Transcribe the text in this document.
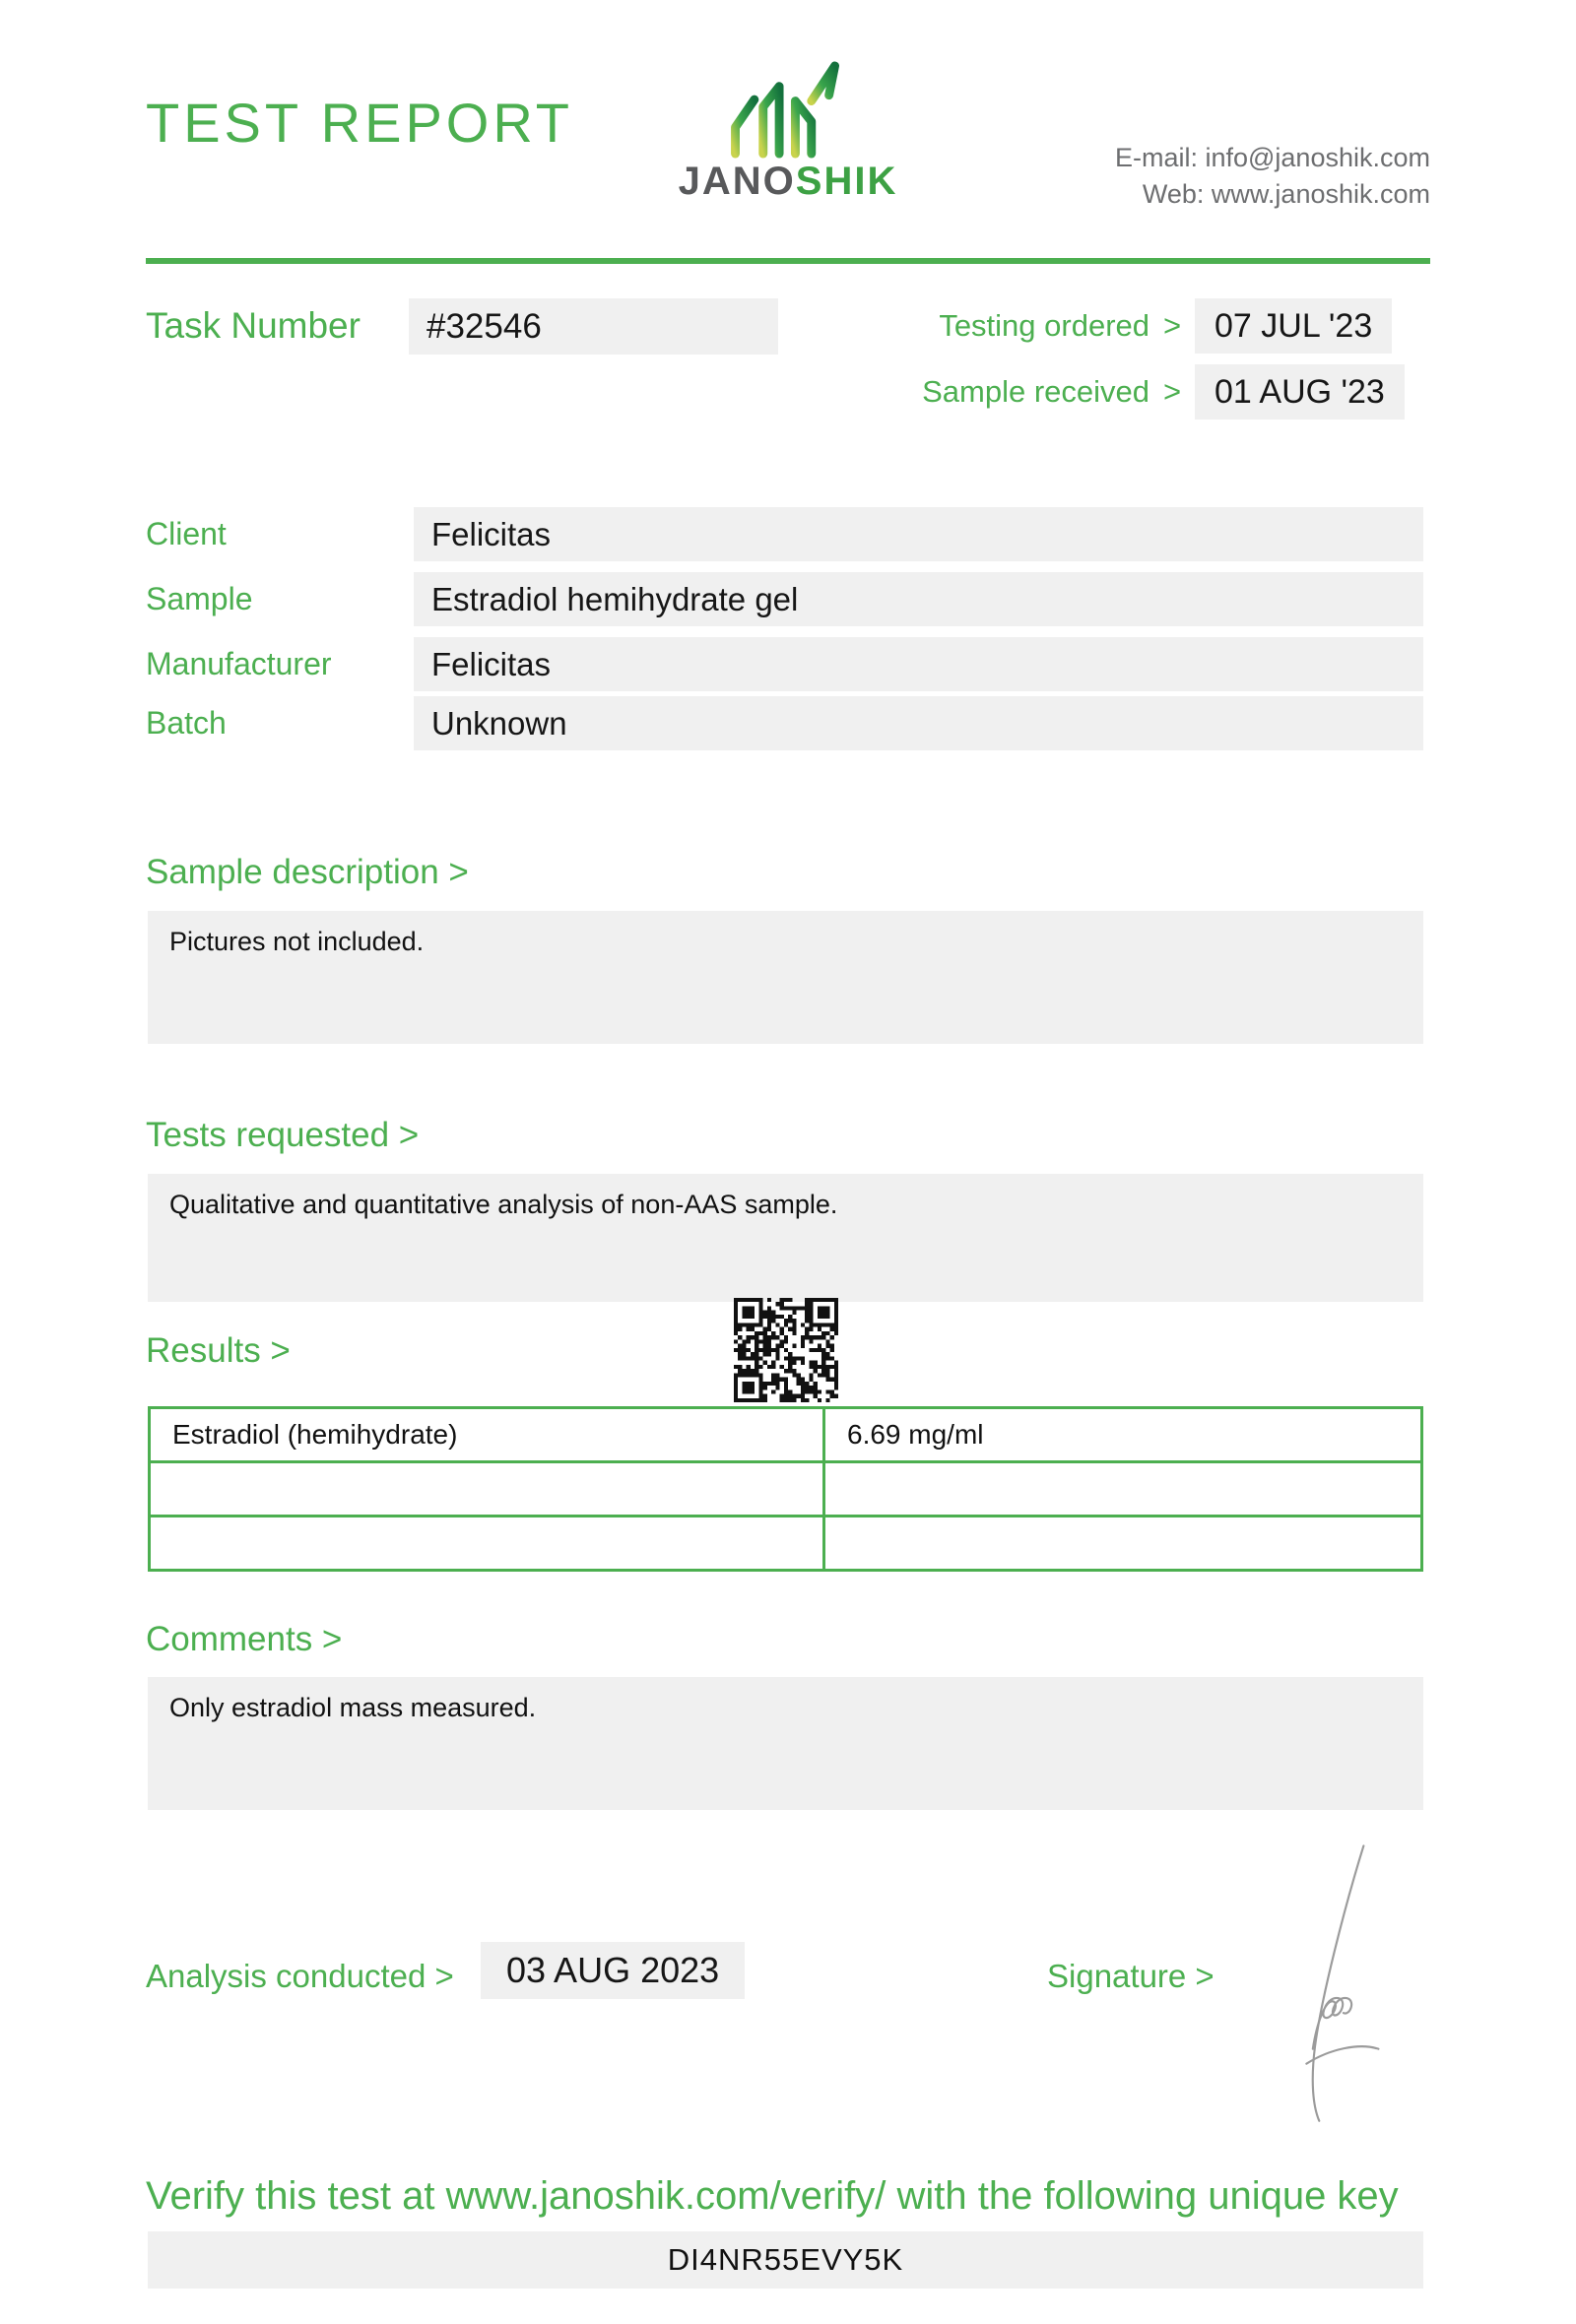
TEST REPORT
JANOSHIK
E-mail: info@janoshik.com
Web: www.janoshik.com
Task Number	#32546	Testing ordered > 07 JUL '23
Sample received > 01 AUG '23
Client	Felicitas
Sample	Estradiol hemihydrate gel
Manufacturer	Felicitas
Batch	Unknown
Sample description >
Pictures not included.
Tests requested >
Qualitative and quantitative analysis of non-AAS sample.
Results >
Estradiol (hemihydrate)	6.69 mg/ml

Comments >
Only estradiol mass measured.
Analysis conducted >	03 AUG 2023	Signature >
Verify this test at www.janoshik.com/verify/ with the following unique key
DI4NR55EVY5K
